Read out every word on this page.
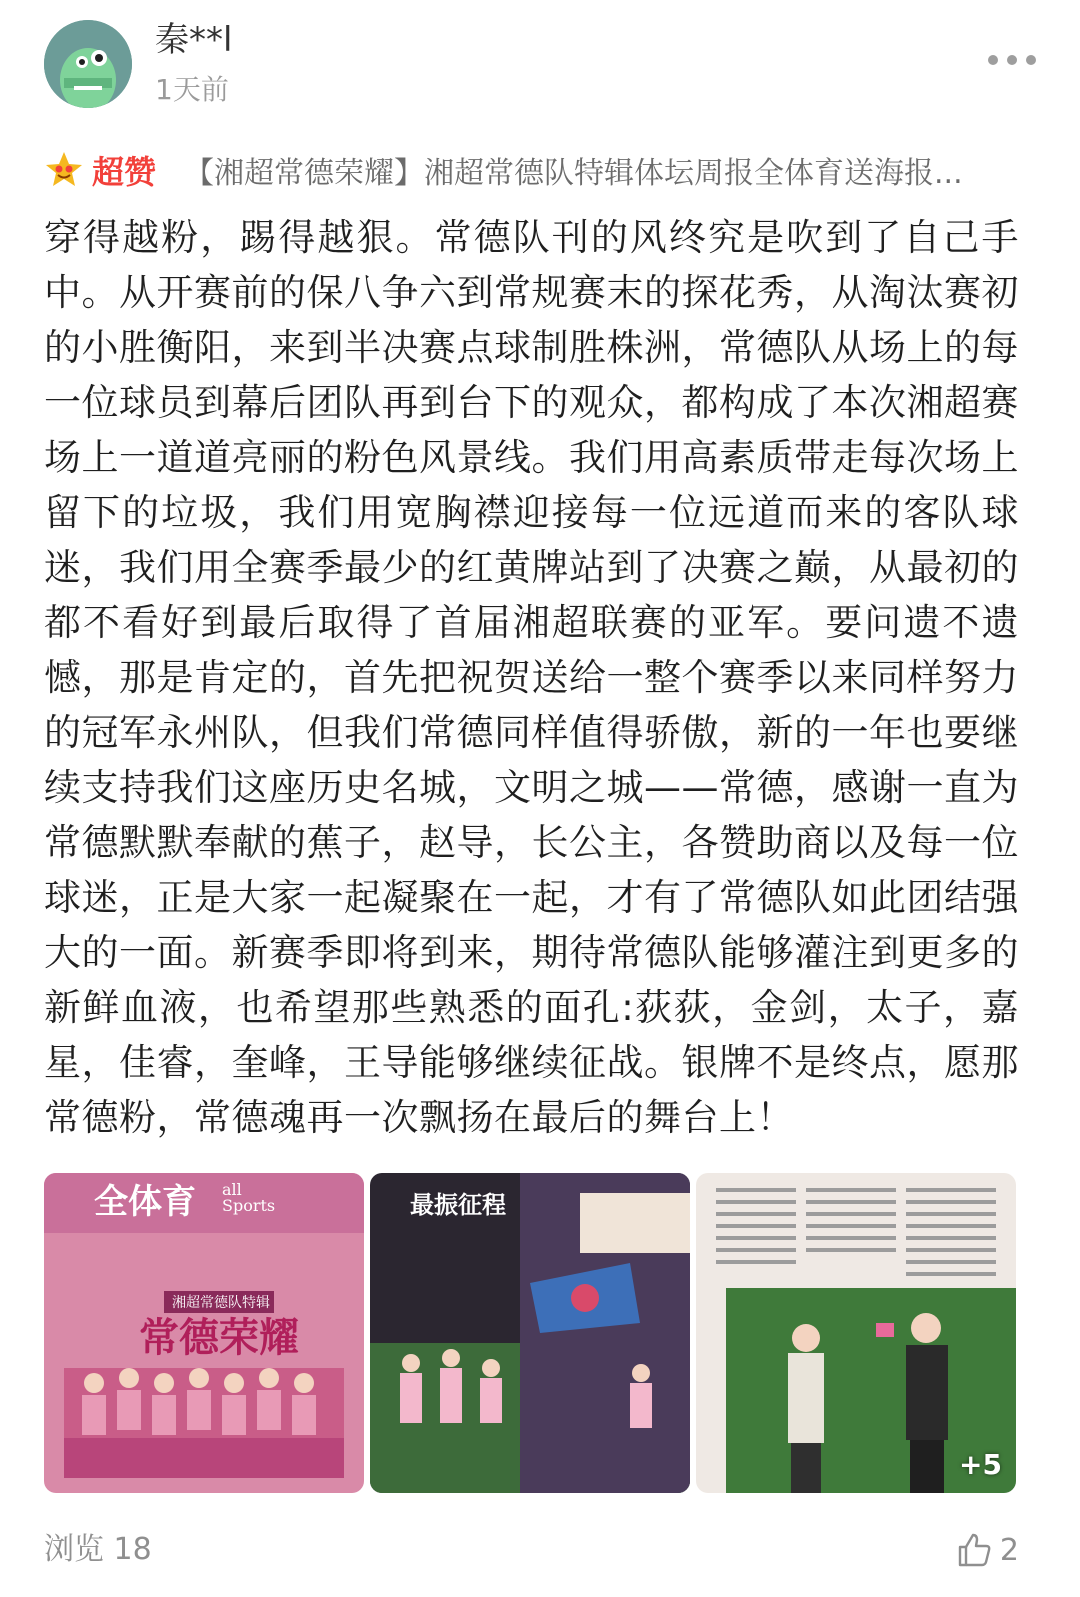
秦**l
1天前
超赞 【湘超常德荣耀】湘超常德队特辑体坛周报全体育送海报...
穿得越粉，踢得越狠。常德队刊的风终究是吹到了自己手中。从开赛前的保八争六到常规赛末的探花秀，从淘汰赛初的小胜衡阳，来到半决赛点球制胜株洲，常德队从场上的每一位球员到幕后团队再到台下的观众，都构成了本次湘超赛场上一道道亮丽的粉色风景线。我们用高素质带走每次场上留下的垃圾，我们用宽胸襟迎接每一位远道而来的客队球迷，我们用全赛季最少的红黄牌站到了决赛之巅，从最初的都不看好到最后取得了首届湘超联赛的亚军。要问遗不遗憾，那是肯定的，首先把祝贺送给一整个赛季以来同样努力的冠军永州队，但我们常德同样值得骄傲，新的一年也要继续支持我们这座历史名城，文明之城——常德，感谢一直为常德默默奉献的蕉子，赵导，长公主，各赞助商以及每一位球迷，正是大家一起凝聚在一起，才有了常德队如此团结强大的一面。新赛季即将到来，期待常德队能够灌注到更多的新鲜血液，也希望那些熟悉的面孔:荻荻，金剑，太子，嘉星，佳睿，奎峰，王导能够继续征战。银牌不是终点，愿那常德粉，常德魂再一次飘扬在最后的舞台上！
全体育 all
Sports
湘超常德队特辑
常德荣耀
最振征程
+5
浏览 18	2
